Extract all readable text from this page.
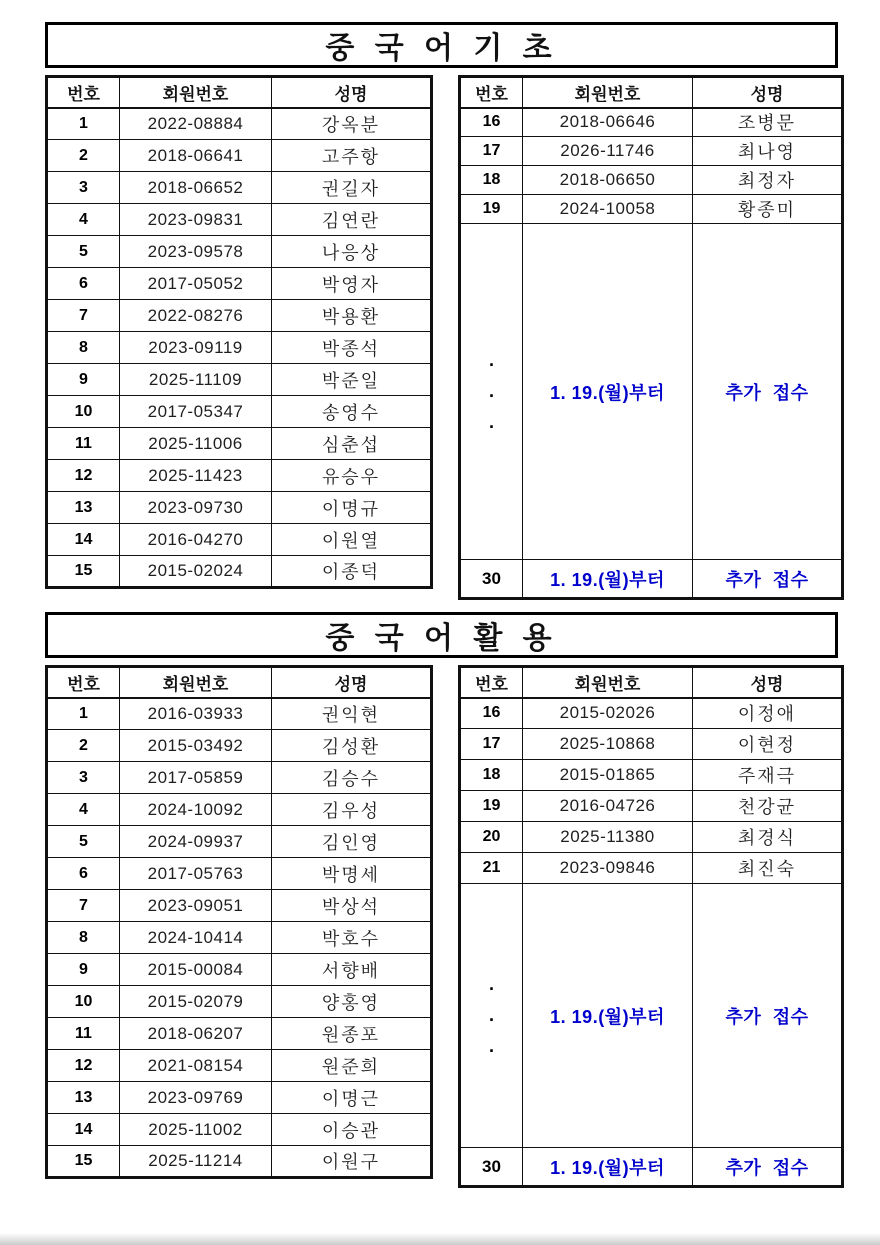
중 국 어 기 초
번호	회원번호	성명
1	2022-08884	강옥분
2	2018-06641	고주항
3	2018-06652	권길자
4	2023-09831	김연란
5	2023-09578	나응상
6	2017-05052	박영자
7	2022-08276	박용환
8	2023-09119	박종석
9	2025-11109	박준일
10	2017-05347	송영수
11	2025-11006	심춘섭
12	2025-11423	유승우
13	2023-09730	이명규
14	2016-04270	이원열
15	2015-02024	이종덕
번호	회원번호	성명
16	2018-06646	조병문
17	2026-11746	최나영
18	2018-06650	최정자
19	2024-10058	황종미

.
.
.	1. 19.(월)부터	추가 접수
30	1. 19.(월)부터	추가 접수
중 국 어 활 용
번호	회원번호	성명
1	2016-03933	권익현
2	2015-03492	김성환
3	2017-05859	김승수
4	2024-10092	김우성
5	2024-09937	김인영
6	2017-05763	박명세
7	2023-09051	박상석
8	2024-10414	박호수
9	2015-00084	서향배
10	2015-02079	양홍영
11	2018-06207	원종포
12	2021-08154	원준희
13	2023-09769	이명근
14	2025-11002	이승관
15	2025-11214	이원구
번호	회원번호	성명
16	2015-02026	이정애
17	2025-10868	이현정
18	2015-01865	주재극
19	2016-04726	천강균
20	2025-11380	최경식
21	2023-09846	최진숙

.
.
.	1. 19.(월)부터	추가 접수
30	1. 19.(월)부터	추가 접수
